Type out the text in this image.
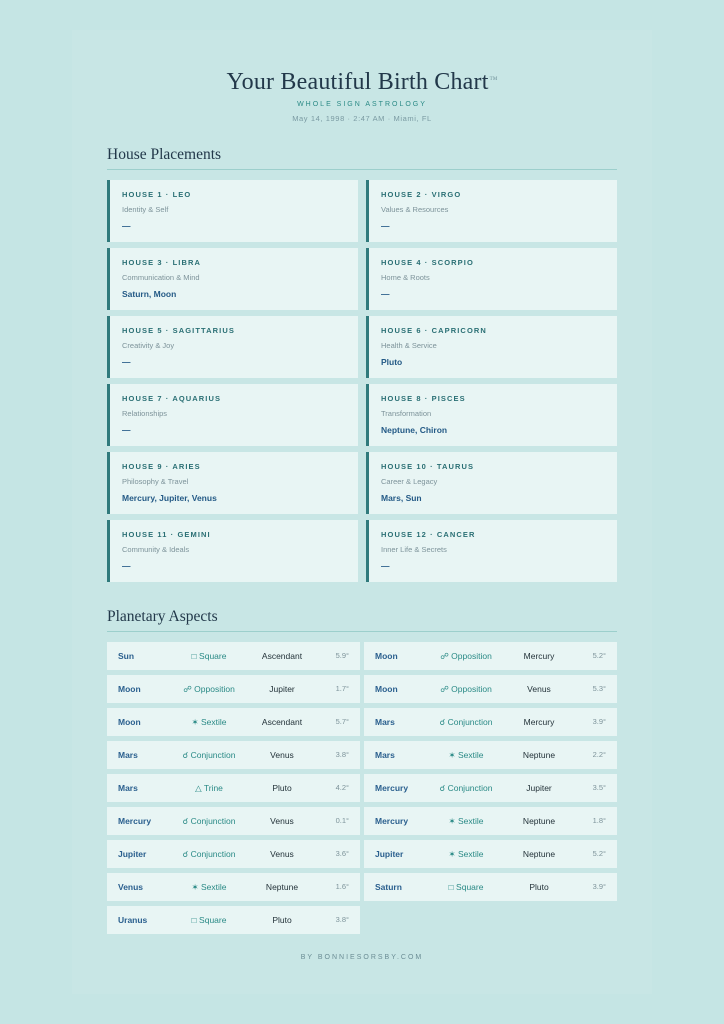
Your Beautiful Birth Chart™
WHOLE SIGN ASTROLOGY
May 14, 1998 · 2:47 AM · Miami, FL
House Placements
HOUSE 1 · LEO
Identity & Self
—
HOUSE 2 · VIRGO
Values & Resources
—
HOUSE 3 · LIBRA
Communication & Mind
Saturn, Moon
HOUSE 4 · SCORPIO
Home & Roots
—
HOUSE 5 · SAGITTARIUS
Creativity & Joy
—
HOUSE 6 · CAPRICORN
Health & Service
Pluto
HOUSE 7 · AQUARIUS
Relationships
—
HOUSE 8 · PISCES
Transformation
Neptune, Chiron
HOUSE 9 · ARIES
Philosophy & Travel
Mercury, Jupiter, Venus
HOUSE 10 · TAURUS
Career & Legacy
Mars, Sun
HOUSE 11 · GEMINI
Community & Ideals
—
HOUSE 12 · CANCER
Inner Life & Secrets
—
Planetary Aspects
Sun	□ Square	Ascendant	5.9°	Moon	☍ Opposition	Mercury	5.2°
Moon	☍ Opposition	Jupiter	1.7°	Moon	☍ Opposition	Venus	5.3°
Moon	✶ Sextile	Ascendant	5.7°	Mars	☌ Conjunction	Mercury	3.9°
Mars	☌ Conjunction	Venus	3.8°	Mars	✶ Sextile	Neptune	2.2°
Mars	△ Trine	Pluto	4.2°	Mercury	☌ Conjunction	Jupiter	3.5°
Mercury	☌ Conjunction	Venus	0.1°	Mercury	✶ Sextile	Neptune	1.8°
Jupiter	☌ Conjunction	Venus	3.6°	Jupiter	✶ Sextile	Neptune	5.2°
Venus	✶ Sextile	Neptune	1.6°	Saturn	□ Square	Pluto	3.9°
Uranus	□ Square	Pluto	3.8°
BY BONNIESORSBY.COM
